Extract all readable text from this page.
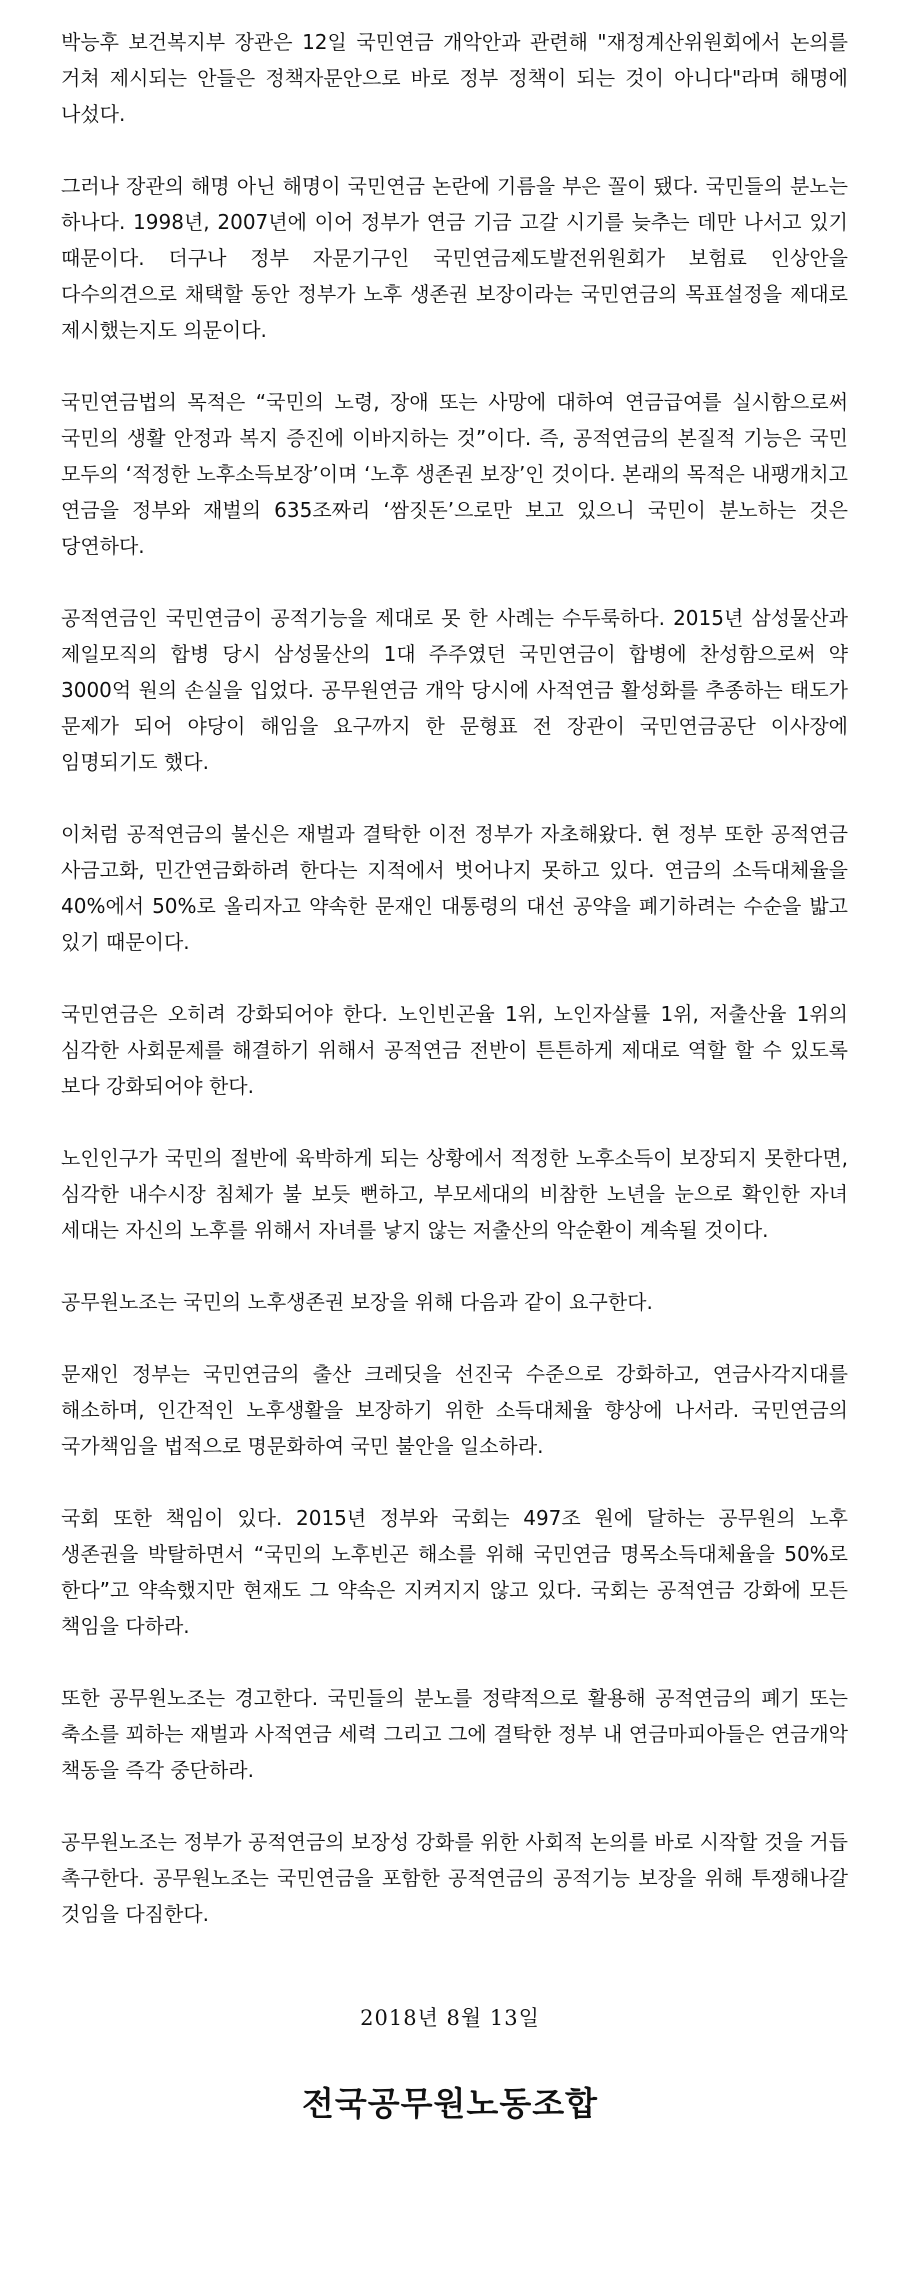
박능후 보건복지부 장관은 12일 국민연금 개악안과 관련해 "재정계산위원회에서 논의를 거쳐 제시되는 안들은 정책자문안으로 바로 정부 정책이 되는 것이 아니다"라며 해명에 나섰다.
그러나 장관의 해명 아닌 해명이 국민연금 논란에 기름을 부은 꼴이 됐다. 국민들의 분노는 하나다. 1998년, 2007년에 이어 정부가 연금 기금 고갈 시기를 늦추는 데만 나서고 있기 때문이다. 더구나 정부 자문기구인 국민연금제도발전위원회가 보험료 인상안을 다수의견으로 채택할 동안 정부가 노후 생존권 보장이라는 국민연금의 목표설정을 제대로 제시했는지도 의문이다.
국민연금법의 목적은 “국민의 노령, 장애 또는 사망에 대하여 연금급여를 실시함으로써 국민의 생활 안정과 복지 증진에 이바지하는 것”이다. 즉, 공적연금의 본질적 기능은 국민 모두의 ‘적정한 노후소득보장’이며 ‘노후 생존권 보장’인 것이다. 본래의 목적은 내팽개치고 연금을 정부와 재벌의 635조짜리 ‘쌈짓돈’으로만 보고 있으니 국민이 분노하는 것은 당연하다.
공적연금인 국민연금이 공적기능을 제대로 못 한 사례는 수두룩하다. 2015년 삼성물산과 제일모직의 합병 당시 삼성물산의 1대 주주였던 국민연금이 합병에 찬성함으로써 약 3000억 원의 손실을 입었다. 공무원연금 개악 당시에 사적연금 활성화를 추종하는 태도가 문제가 되어 야당이 해임을 요구까지 한 문형표 전 장관이 국민연금공단 이사장에 임명되기도 했다.
이처럼 공적연금의 불신은 재벌과 결탁한 이전 정부가 자초해왔다. 현 정부 또한 공적연금 사금고화, 민간연금화하려 한다는 지적에서 벗어나지 못하고 있다. 연금의 소득대체율을 40%에서 50%로 올리자고 약속한 문재인 대통령의 대선 공약을 폐기하려는 수순을 밟고 있기 때문이다.
국민연금은 오히려 강화되어야 한다. 노인빈곤율 1위, 노인자살률 1위, 저출산율 1위의 심각한 사회문제를 해결하기 위해서 공적연금 전반이 튼튼하게 제대로 역할 할 수 있도록 보다 강화되어야 한다.
노인인구가 국민의 절반에 육박하게 되는 상황에서 적정한 노후소득이 보장되지 못한다면, 심각한 내수시장 침체가 불 보듯 뻔하고, 부모세대의 비참한 노년을 눈으로 확인한 자녀 세대는 자신의 노후를 위해서 자녀를 낳지 않는 저출산의 악순환이 계속될 것이다.
공무원노조는 국민의 노후생존권 보장을 위해 다음과 같이 요구한다.
문재인 정부는 국민연금의 출산 크레딧을 선진국 수준으로 강화하고, 연금사각지대를 해소하며, 인간적인 노후생활을 보장하기 위한 소득대체율 향상에 나서라. 국민연금의 국가책임을 법적으로 명문화하여 국민 불안을 일소하라.
국회 또한 책임이 있다. 2015년 정부와 국회는 497조 원에 달하는 공무원의 노후 생존권을 박탈하면서 “국민의 노후빈곤 해소를 위해 국민연금 명목소득대체율을 50%로 한다”고 약속했지만 현재도 그 약속은 지켜지지 않고 있다. 국회는 공적연금 강화에 모든 책임을 다하라.
또한 공무원노조는 경고한다. 국민들의 분노를 정략적으로 활용해 공적연금의 폐기 또는 축소를 꾀하는 재벌과 사적연금 세력 그리고 그에 결탁한 정부 내 연금마피아들은 연금개악 책동을 즉각 중단하라.
공무원노조는 정부가 공적연금의 보장성 강화를 위한 사회적 논의를 바로 시작할 것을 거듭 촉구한다. 공무원노조는 국민연금을 포함한 공적연금의 공적기능 보장을 위해 투쟁해나갈 것임을 다짐한다.
2018년 8월 13일
전국공무원노동조합
